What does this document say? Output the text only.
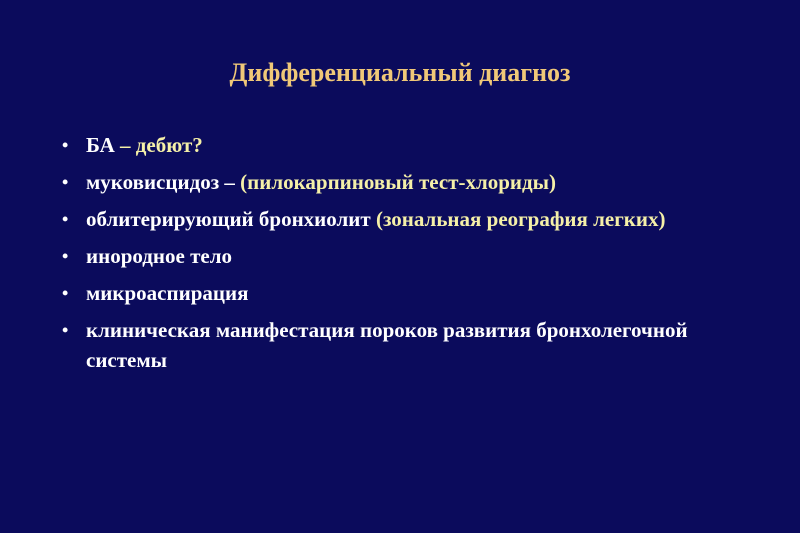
Дифференциальный диагноз
• БА – дебют?
• муковисцидоз – (пилокарпиновый тест-хлориды)
• облитерирующий бронхиолит (зональная реография легких)
• инородное тело
• микроаспирация
• клиническая манифестация пороков развития бронхолегочной системы
